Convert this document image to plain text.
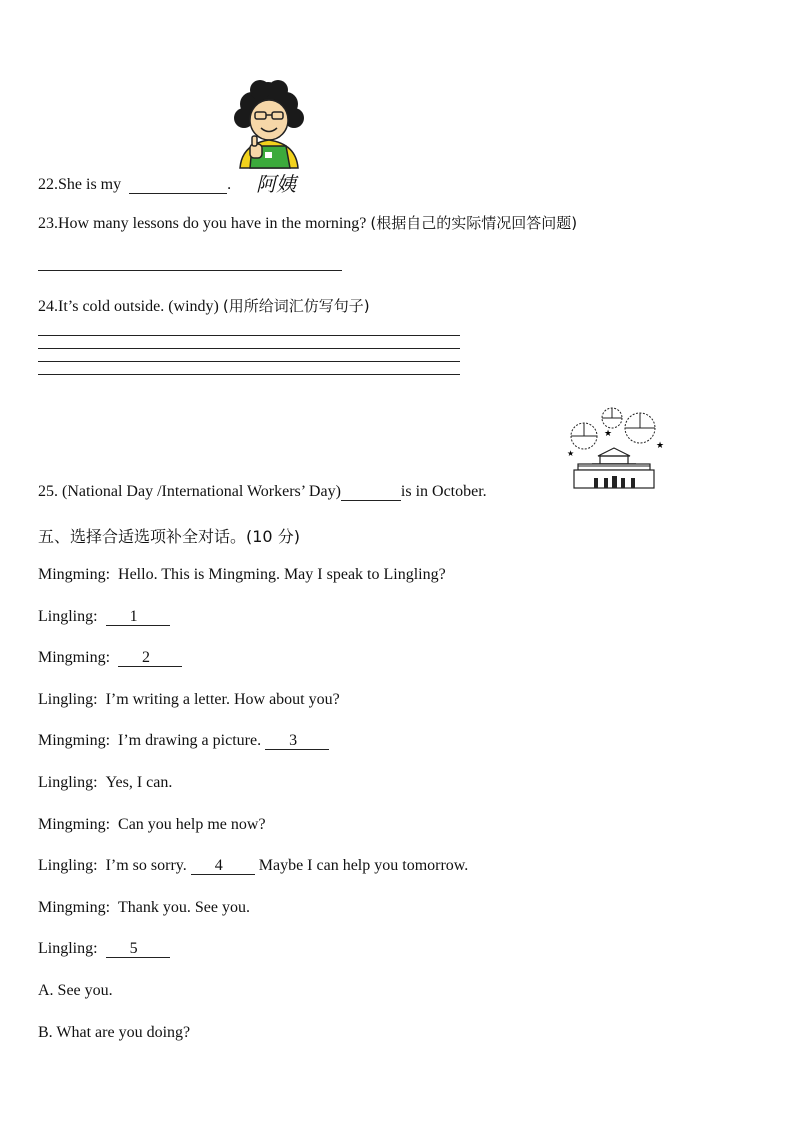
阿姨
22.She is my	.
23.How many lessons do you have in the morning? (根据自己的实际情况回答问题)
24.It’s cold outside. (windy) (用所给词汇仿写句子)
★
★
★
25. (National Day /International Workers’ Day)	is in October.
五、选择合适选项补全对话。(10 分)
Mingming: Hello. This is Mingming. May I speak to Lingling?
Lingling: 1
Mingming: 2
Lingling: I’m writing a letter. How about you?
Mingming: I’m drawing a picture. 3
Lingling: Yes, I can.
Mingming: Can you help me now?
Lingling: I’m so sorry. 4 Maybe I can help you tomorrow.
Mingming: Thank you. See you.
Lingling: 5
A. See you.
B. What are you doing?
